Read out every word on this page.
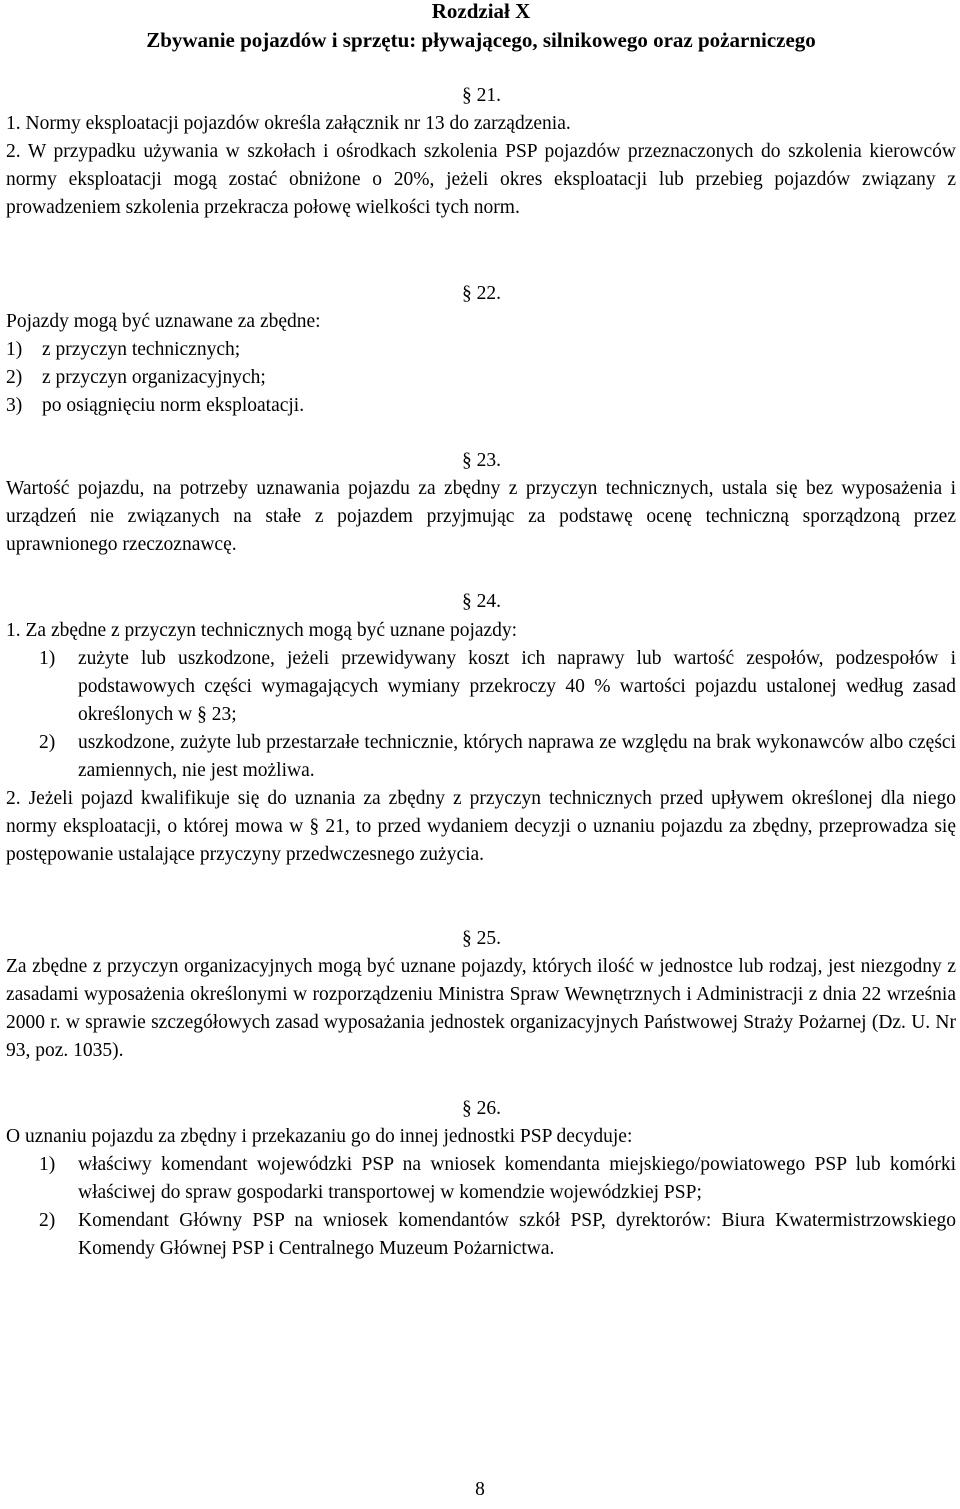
Rozdział X
Zbywanie pojazdów i sprzętu: pływającego, silnikowego oraz pożarniczego
§ 21.
1. Normy eksploatacji pojazdów określa załącznik nr 13 do zarządzenia.
2. W przypadku używania w szkołach i ośrodkach szkolenia PSP pojazdów przeznaczonych do szkolenia kierowców normy eksploatacji mogą zostać obniżone o 20%, jeżeli okres eksploatacji lub przebieg pojazdów związany z prowadzeniem szkolenia przekracza połowę wielkości tych norm.
§ 22.
Pojazdy mogą być uznawane za zbędne:
1) z przyczyn technicznych;
2) z przyczyn organizacyjnych;
3) po osiągnięciu norm eksploatacji.
§ 23.
Wartość pojazdu, na potrzeby uznawania pojazdu za zbędny z przyczyn technicznych, ustala się bez wyposażenia i urządzeń nie związanych na stałe z pojazdem przyjmując za podstawę ocenę techniczną sporządzoną przez uprawnionego rzeczoznawcę.
§ 24.
1. Za zbędne z przyczyn technicznych mogą być uznane pojazdy:
1) zużyte lub uszkodzone, jeżeli przewidywany koszt ich naprawy lub wartość zespołów, podzespołów i podstawowych części wymagających wymiany przekroczy 40 % wartości pojazdu ustalonej według zasad określonych w § 23;
2) uszkodzone, zużyte lub przestarzałe technicznie, których naprawa ze względu na brak wykonawców albo części zamiennych, nie jest możliwa.
2. Jeżeli pojazd kwalifikuje się do uznania za zbędny z przyczyn technicznych przed upływem określonej dla niego normy eksploatacji, o której mowa w § 21, to przed wydaniem decyzji o uznaniu pojazdu za zbędny, przeprowadza się postępowanie ustalające przyczyny przedwczesnego zużycia.
§ 25.
Za zbędne z przyczyn organizacyjnych mogą być uznane pojazdy, których ilość w jednostce lub rodzaj, jest niezgodny z zasadami wyposażenia określonymi w rozporządzeniu Ministra Spraw Wewnętrznych i Administracji z dnia 22 września 2000 r. w sprawie szczegółowych zasad wyposażania jednostek organizacyjnych Państwowej Straży Pożarnej (Dz. U. Nr 93, poz. 1035).
§ 26.
O uznaniu pojazdu za zbędny i przekazaniu go do innej jednostki PSP decyduje:
1) właściwy komendant wojewódzki PSP na wniosek komendanta miejskiego/powiatowego PSP lub komórki właściwej do spraw gospodarki transportowej w komendzie wojewódzkiej PSP;
2) Komendant Główny PSP na wniosek komendantów szkół PSP, dyrektorów: Biura Kwatermistrzowskiego Komendy Głównej PSP i Centralnego Muzeum Pożarnictwa.
8
